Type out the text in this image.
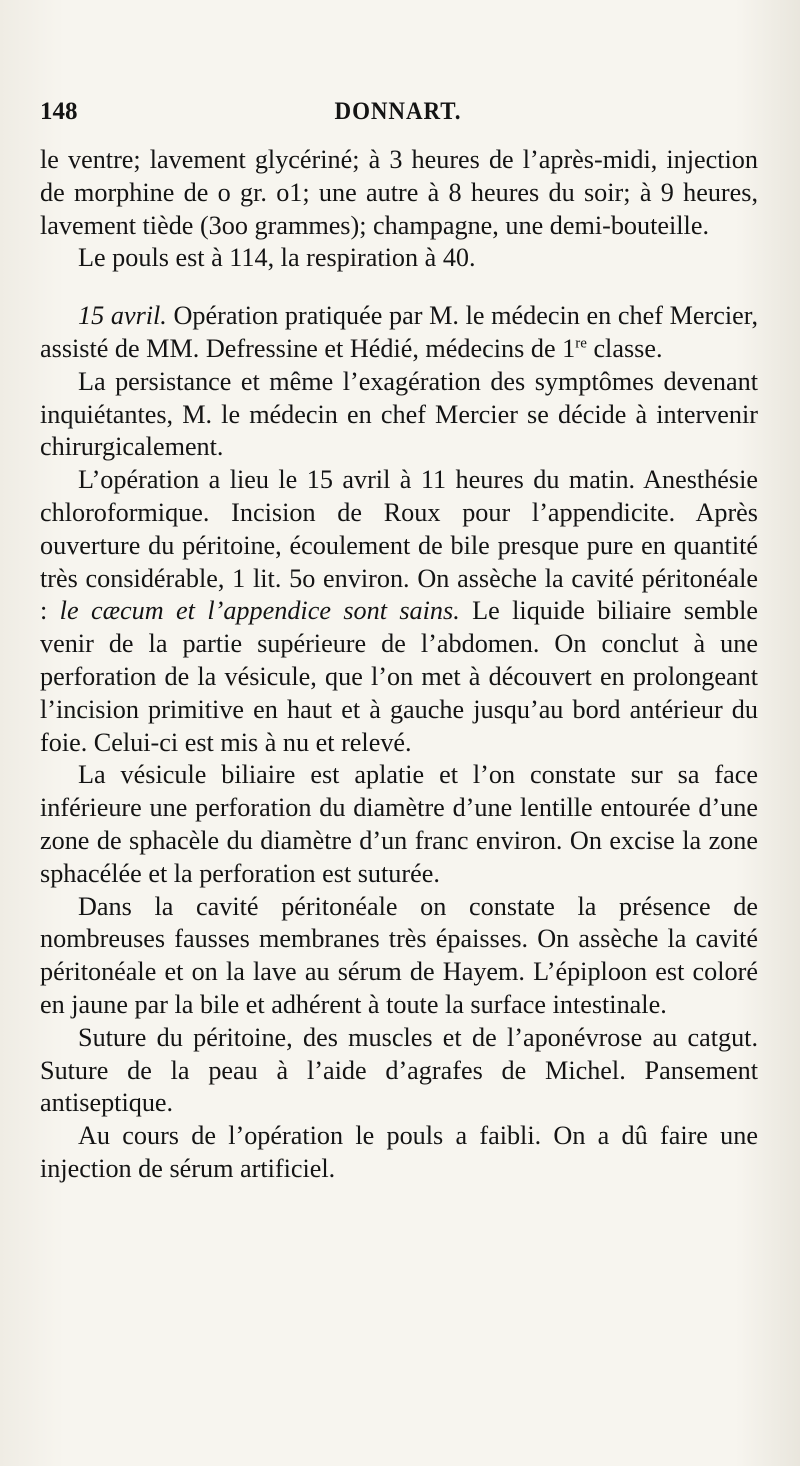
148	DONNART.

le ventre; lavement glycériné; à 3 heures de l’après-midi, injection de morphine de o gr. o1; une autre à 8 heures du soir; à 9 heures, lavement tiède (3oo grammes); champagne, une demi-bouteille.

Le pouls est à 114, la respiration à 40.

15 avril. Opération pratiquée par M. le médecin en chef Mercier, assisté de MM. Defressine et Hédié, médecins de 1re classe.

La persistance et même l’exagération des symptômes devenant inquiétantes, M. le médecin en chef Mercier se décide à intervenir chirurgicalement.

L’opération a lieu le 15 avril à 11 heures du matin. Anesthésie chloroformique. Incision de Roux pour l’appendicite. Après ouverture du péritoine, écoulement de bile presque pure en quantité très considérable, 1 lit. 5o environ. On assèche la cavité péritonéale : le cæcum et l’appendice sont sains. Le liquide biliaire semble venir de la partie supérieure de l’abdomen. On conclut à une perforation de la vésicule, que l’on met à découvert en prolongeant l’incision primitive en haut et à gauche jusqu’au bord antérieur du foie. Celui-ci est mis à nu et relevé.

La vésicule biliaire est aplatie et l’on constate sur sa face inférieure une perforation du diamètre d’une lentille entourée d’une zone de sphacèle du diamètre d’un franc environ. On excise la zone sphacélée et la perforation est suturée.

Dans la cavité péritonéale on constate la présence de nombreuses fausses membranes très épaisses. On assèche la cavité péritonéale et on la lave au sérum de Hayem. L’épiploon est coloré en jaune par la bile et adhérent à toute la surface intestinale.

Suture du péritoine, des muscles et de l’aponévrose au catgut. Suture de la peau à l’aide d’agrafes de Michel. Pansement antiseptique.

Au cours de l’opération le pouls a faibli. On a dû faire une injection de sérum artificiel.
